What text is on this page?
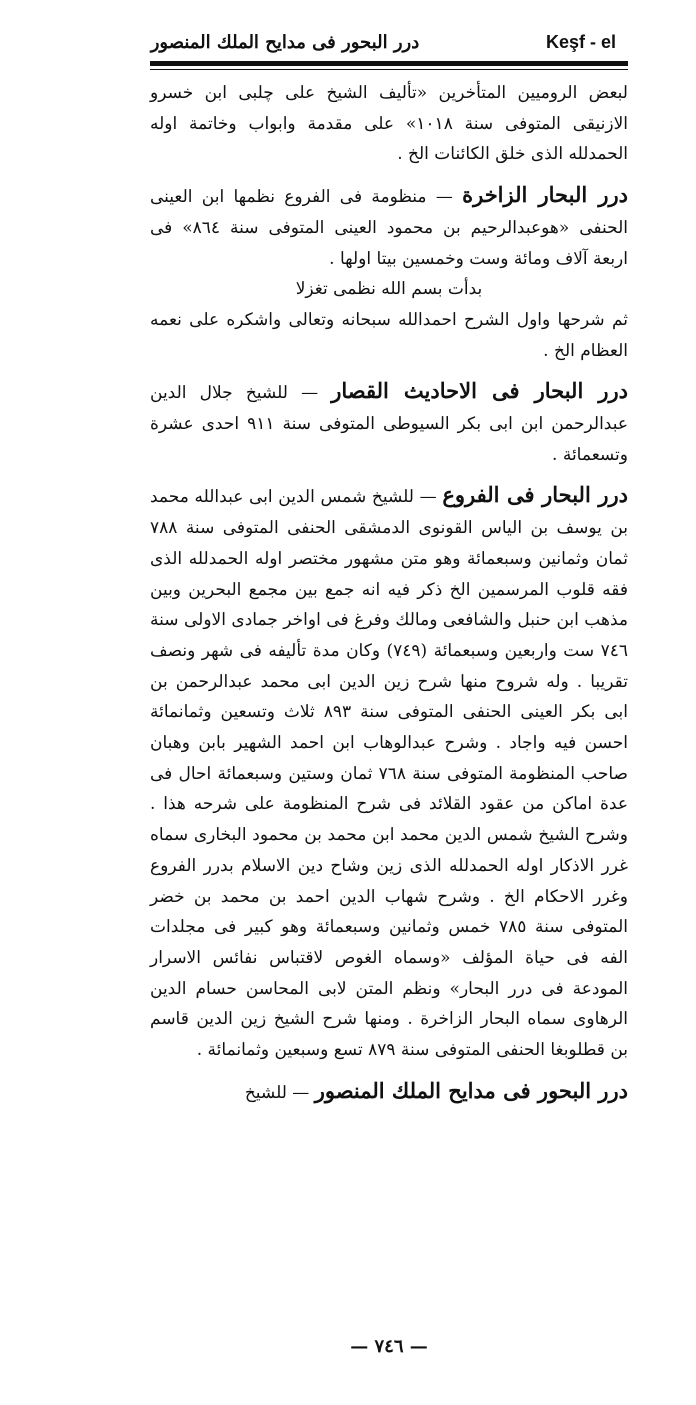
درر البحور فى مدايح الملك المنصور	Keşf - el

لبعض الروميين المتأخرين «تأليف الشيخ على چلبى ابن خسرو الازنيقى المتوفى سنة ١٠١٨» على مقدمة وابواب وخاتمة اوله الحمدلله الذى خلق الكائنات الخ .

درر البحار الزاخرة — منظومة فى الفروع نظمها ابن العينى الحنفى «هوعبدالرحيم بن محمود العينى المتوفى سنة ٨٦٤» فى اربعة آلاف ومائة وست وخمسين بيتا اولها .

بدأت بسم الله نظمى تغزلا

ثم شرحها واول الشرح احمدالله سبحانه وتعالى واشكره على نعمه العظام الخ .

درر البحار فى الاحاديث القصار — للشيخ جلال الدين عبدالرحمن ابن ابى بكر السيوطى المتوفى سنة ٩١١ احدى عشرة وتسعمائة .

درر البحار فى الفروع — للشيخ شمس الدين ابى عبدالله محمد بن يوسف بن الياس القونوى الدمشقى الحنفى المتوفى سنة ٧٨٨ ثمان وثمانين وسبعمائة وهو متن مشهور مختصر اوله الحمدلله الذى فقه قلوب المرسمين الخ ذكر فيه انه جمع بين مجمع البحرين وبين مذهب ابن حنبل والشافعى ومالك وفرغ فى اواخر جمادى الاولى سنة ٧٤٦ ست واربعين وسبعمائة (٧٤٩) وكان مدة تأليفه فى شهر ونصف تقريبا . وله شروح منها شرح زين الدين ابى محمد عبدالرحمن بن ابى بكر العينى الحنفى المتوفى سنة ٨٩٣ ثلاث وتسعين وثمانمائة احسن فيه واجاد . وشرح عبدالوهاب ابن احمد الشهير بابن وهبان صاحب المنظومة المتوفى سنة ٧٦٨ ثمان وستين وسبعمائة احال فى عدة اماكن من عقود القلائد فى شرح المنظومة على شرحه هذا . وشرح الشيخ شمس الدين محمد ابن محمد بن محمود البخارى سماه غرر الاذكار اوله الحمدلله الذى زين وشاح دين الاسلام بدرر الفروع وغرر الاحكام الخ . وشرح شهاب الدين احمد بن محمد بن خضر المتوفى سنة ٧٨٥ خمس وثمانين وسبعمائة وهو كبير فى مجلدات الفه فى حياة المؤلف «وسماه الغوص لاقتباس نفائس الاسرار المودعة فى درر البحار» ونظم المتن لابى المحاسن حسام الدين الرهاوى سماه البحار الزاخرة . ومنها شرح الشيخ زين الدين قاسم بن قطلوبغا الحنفى المتوفى سنة ٨٧٩ تسع وسبعين وثمانمائة .

درر البحور فى مدايح الملك المنصور — للشيخ

— ٧٤٦ —
